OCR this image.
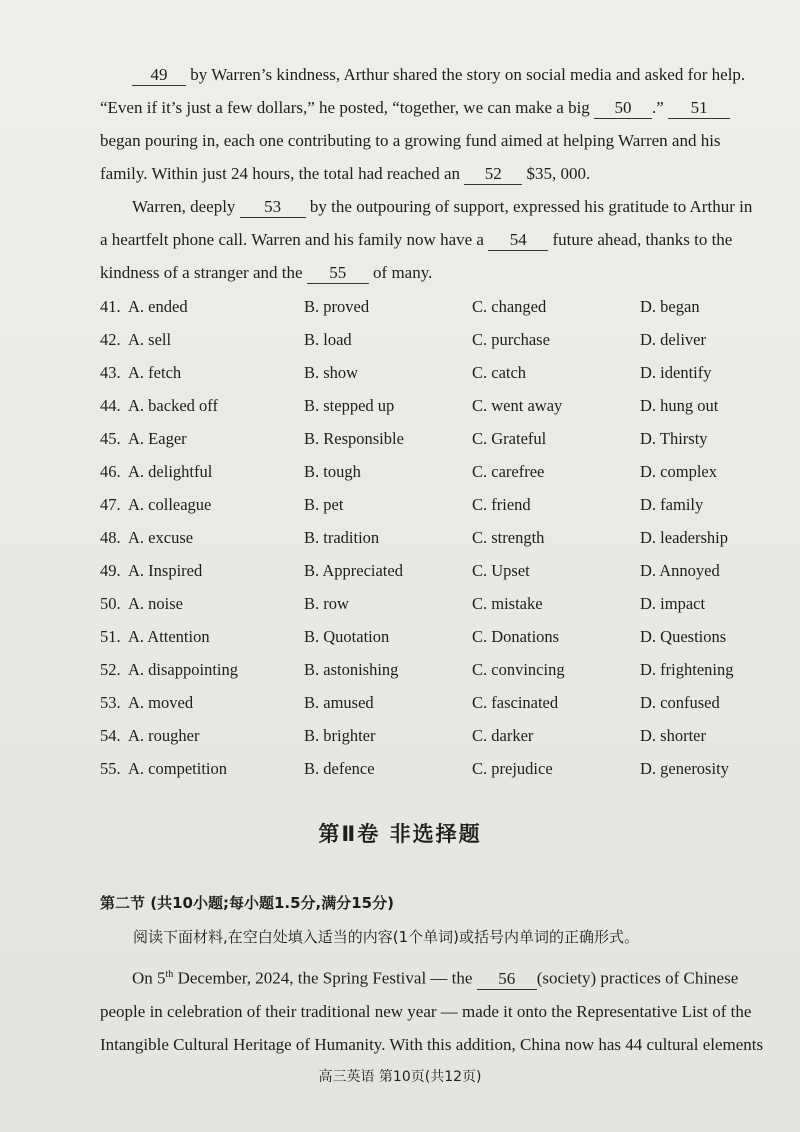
49 by Warren’s kindness, Arthur shared the story on social media and asked for help. “Even if it’s just a few dollars,” he posted, “together, we can make a big 50 .” 51 began pouring in, each one contributing to a growing fund aimed at helping Warren and his family. Within just 24 hours, the total had reached an 52 $35, 000.
Warren, deeply 53 by the outpouring of support, expressed his gratitude to Arthur in a heartfelt phone call. Warren and his family now have a 54 future ahead, thanks to the kindness of a stranger and the 55 of many.
41. A. ended	B. proved	C. changed	D. began
42. A. sell	B. load	C. purchase	D. deliver
43. A. fetch	B. show	C. catch	D. identify
44. A. backed off	B. stepped up	C. went away	D. hung out
45. A. Eager	B. Responsible	C. Grateful	D. Thirsty
46. A. delightful	B. tough	C. carefree	D. complex
47. A. colleague	B. pet	C. friend	D. family
48. A. excuse	B. tradition	C. strength	D. leadership
49. A. Inspired	B. Appreciated	C. Upset	D. Annoyed
50. A. noise	B. row	C. mistake	D. impact
51. A. Attention	B. Quotation	C. Donations	D. Questions
52. A. disappointing	B. astonishing	C. convincing	D. frightening
53. A. moved	B. amused	C. fascinated	D. confused
54. A. rougher	B. brighter	C. darker	D. shorter
55. A. competition	B. defence	C. prejudice	D. generosity
第Ⅱ卷 非选择题
第二节 (共10小题;每小题1.5分,满分15分)
阅读下面材料,在空白处填入适当的内容(1个单词)或括号内单词的正确形式。
On 5th December, 2024, the Spring Festival — the 56 (society) practices of Chinese people in celebration of their traditional new year — made it onto the Representative List of the Intangible Cultural Heritage of Humanity. With this addition, China now has 44 cultural elements
高三英语 第10页(共12页)
